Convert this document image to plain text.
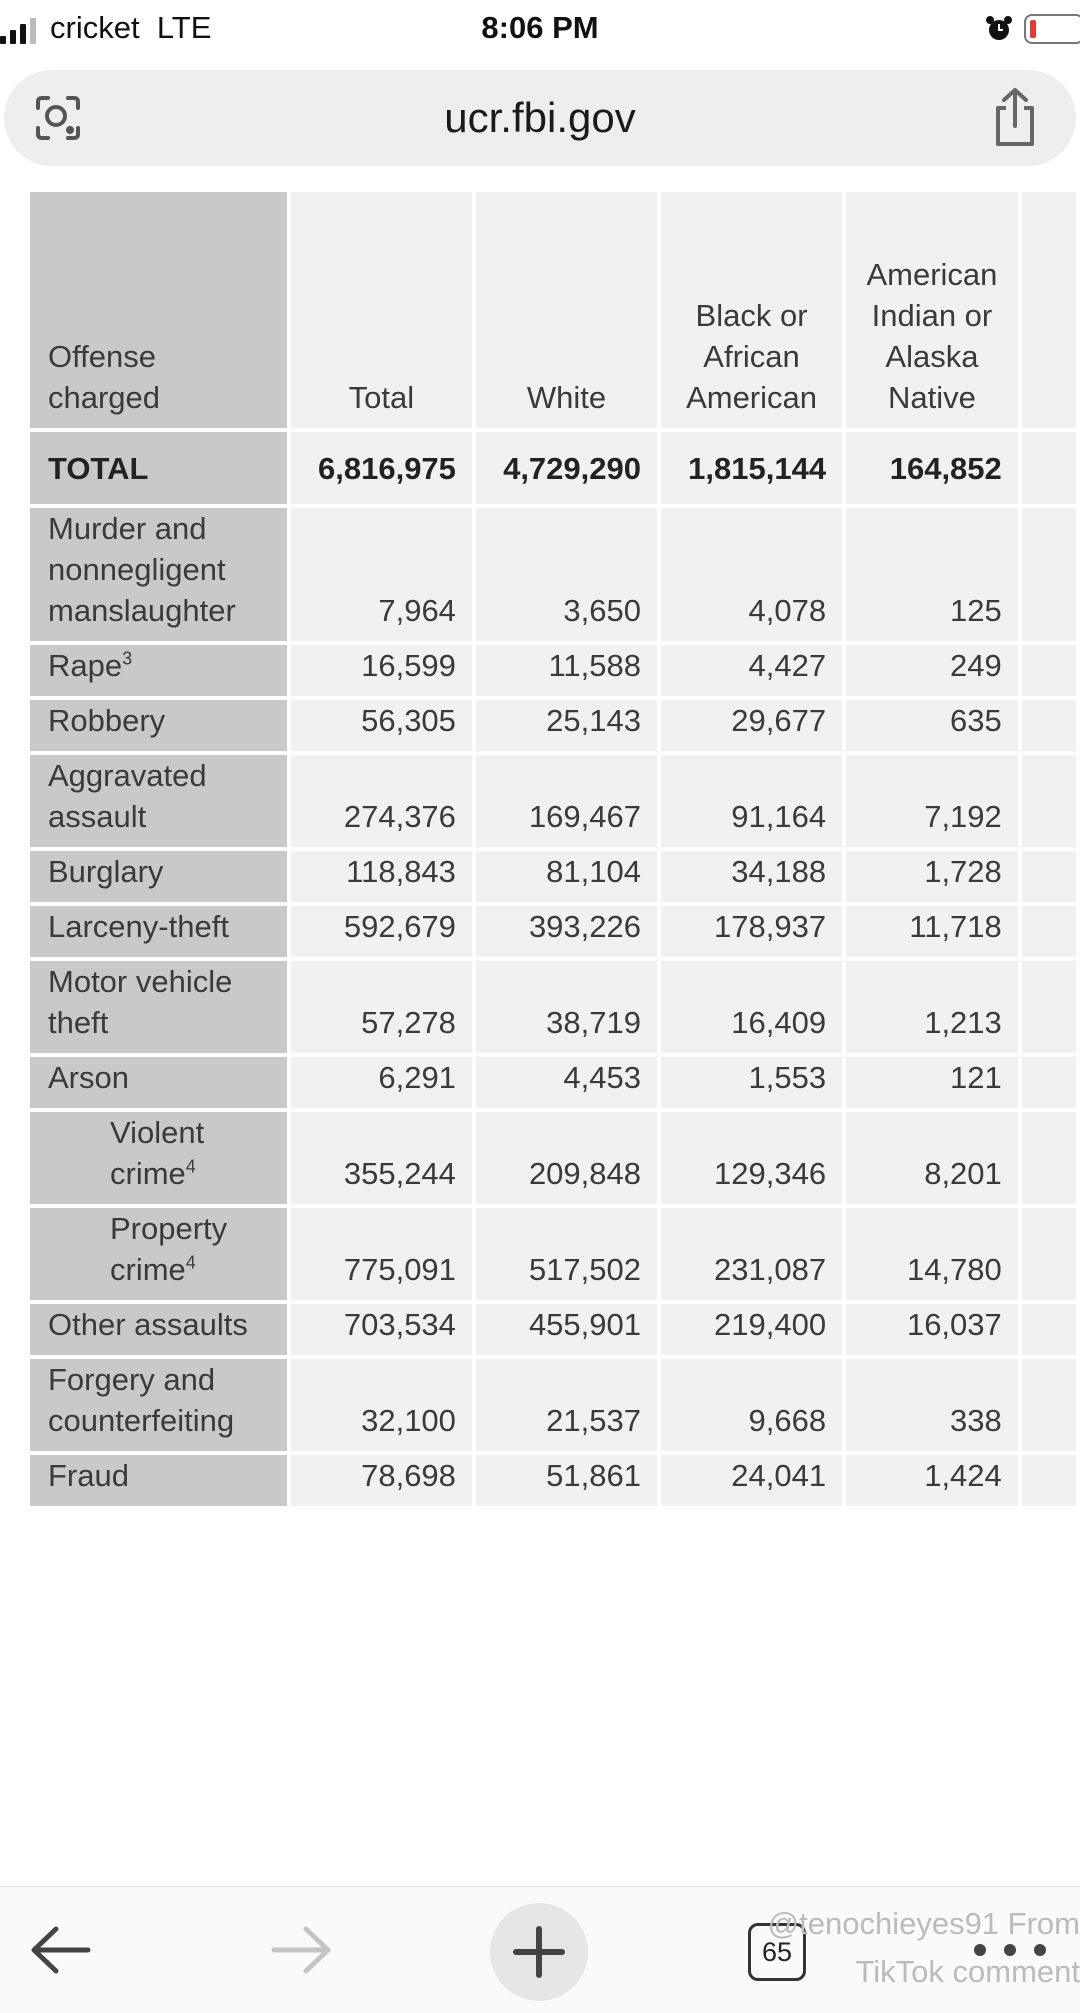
cricket LTE	8:06 PM
ucr.fbi.gov
Offense charged	Total	White	Black or African American	American Indian or Alaska Native	
TOTAL	6,816,975	4,729,290	1,815,144	164,852	
Murder and nonnegligent manslaughter	7,964	3,650	4,078	125	
Rape$^3$	16,599	11,588	4,427	249	
Robbery	56,305	25,143	29,677	635	
Aggravated assault	274,376	169,467	91,164	7,192	
Burglary	118,843	81,104	34,188	1,728	
Larceny-theft	592,679	393,226	178,937	11,718	
Motor vehicle theft	57,278	38,719	16,409	1,213	
Arson	6,291	4,453	1,553	121	
Violent crime$^4$	355,244	209,848	129,346	8,201	
Property crime$^4$	775,091	517,502	231,087	14,780	
Other assaults	703,534	455,901	219,400	16,037	
Forgery and counterfeiting	32,100	21,537	9,668	338	
Fraud	78,698	51,861	24,041	1,424	
65
@tenochieyes91 From TikTok comment
